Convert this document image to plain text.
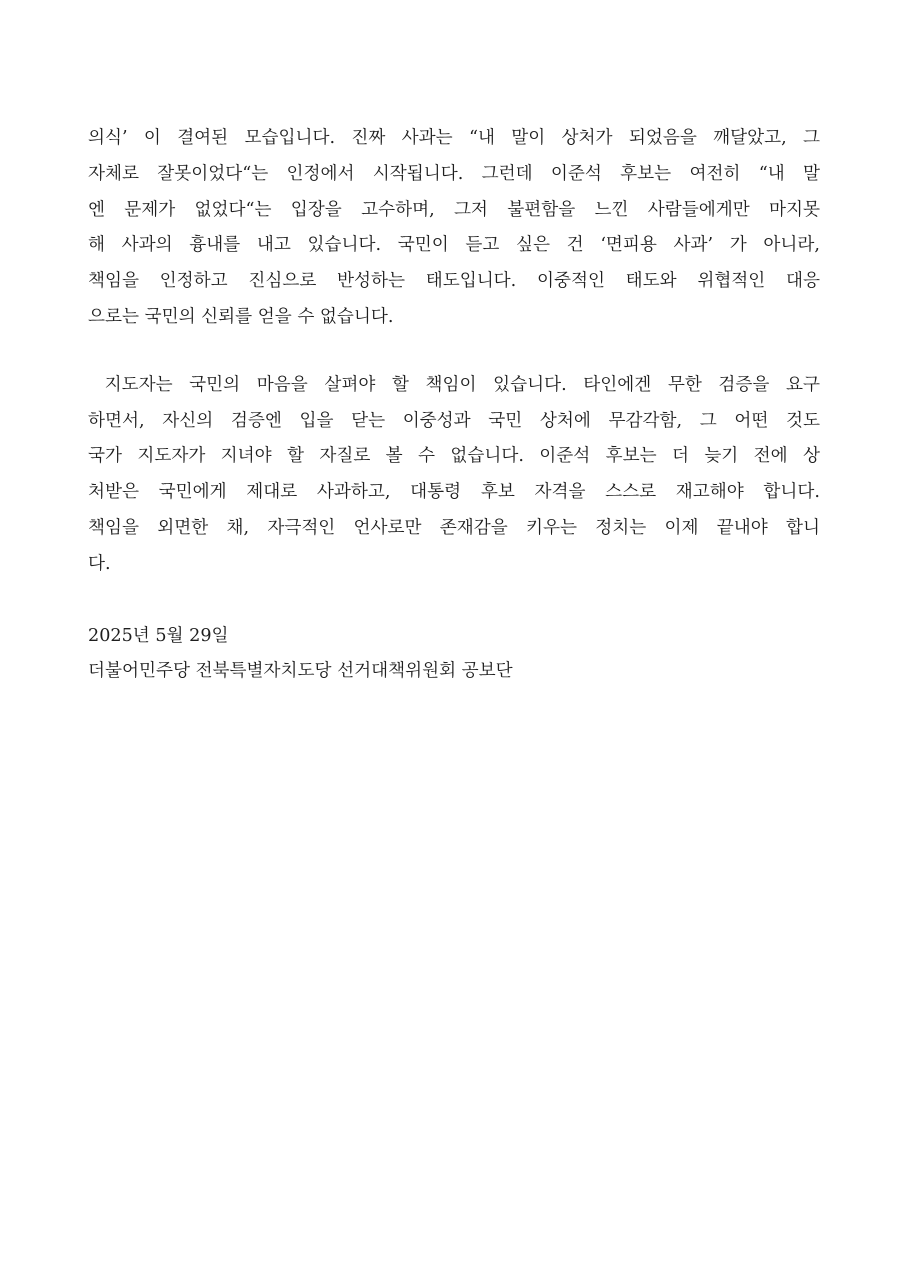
의식’ 이 결여된 모습입니다. 진짜 사과는 “내 말이 상처가 되었음을 깨달았고, 그
자체로 잘못이었다“는 인정에서 시작됩니다. 그런데 이준석 후보는 여전히 “내 말
엔 문제가 없었다“는 입장을 고수하며, 그저 불편함을 느낀 사람들에게만 마지못
해 사과의 흉내를 내고 있습니다. 국민이 듣고 싶은 건 ‘면피용 사과’ 가 아니라,
책임을 인정하고 진심으로 반성하는 태도입니다. 이중적인 태도와 위협적인 대응
으로는 국민의 신뢰를 얻을 수 없습니다.
지도자는 국민의 마음을 살펴야 할 책임이 있습니다. 타인에겐 무한 검증을 요구
하면서, 자신의 검증엔 입을 닫는 이중성과 국민 상처에 무감각함, 그 어떤 것도
국가 지도자가 지녀야 할 자질로 볼 수 없습니다. 이준석 후보는 더 늦기 전에 상
처받은 국민에게 제대로 사과하고, 대통령 후보 자격을 스스로 재고해야 합니다.
책임을 외면한 채, 자극적인 언사로만 존재감을 키우는 정치는 이제 끝내야 합니
다.
2025년 5월 29일
더불어민주당 전북특별자치도당 선거대책위원회 공보단
